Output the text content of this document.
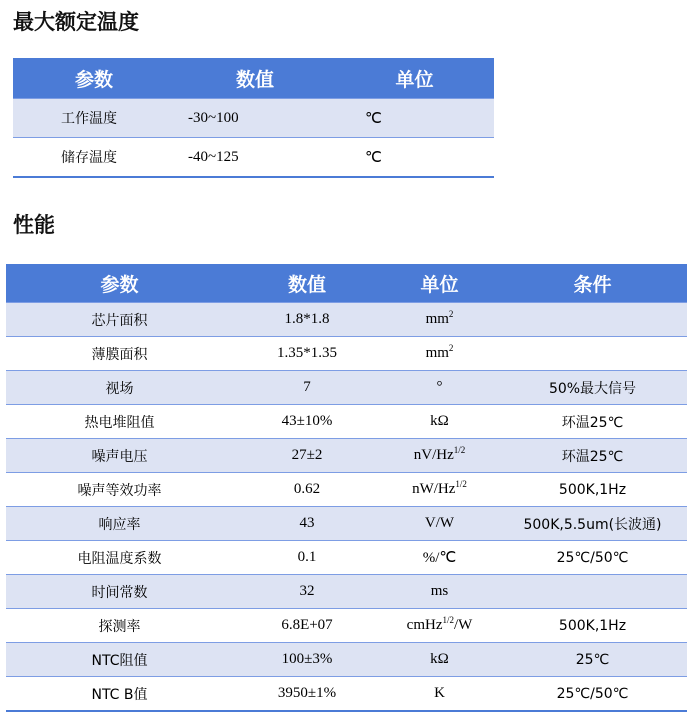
最大额定温度
参数	数值	单位
工作温度	-30~100	℃
储存温度	-40~125	℃
性能
参数	数值	单位	条件
芯片面积	1.8*1.8	$mm^2$	
薄膜面积	1.35*1.35	$mm^2$	
视场	7	°	50%最大信号
热电堆阻值	43±10%	kΩ	环温25℃
噪声电压	27±2	$nV/Hz^{1/2}$	环温25℃
噪声等效功率	0.62	$nW/Hz^{1/2}$	500K,1Hz
响应率	43	V/W	500K,5.5um(长波通)
电阻温度系数	0.1	%/℃	25℃/50℃
时间常数	32	ms	
探测率	6.8E+07	cmHz$^{1/2}$/W	500K,1Hz
NTC阻值	100±3%	kΩ	25℃
NTC B值	3950±1%	K	25℃/50℃
